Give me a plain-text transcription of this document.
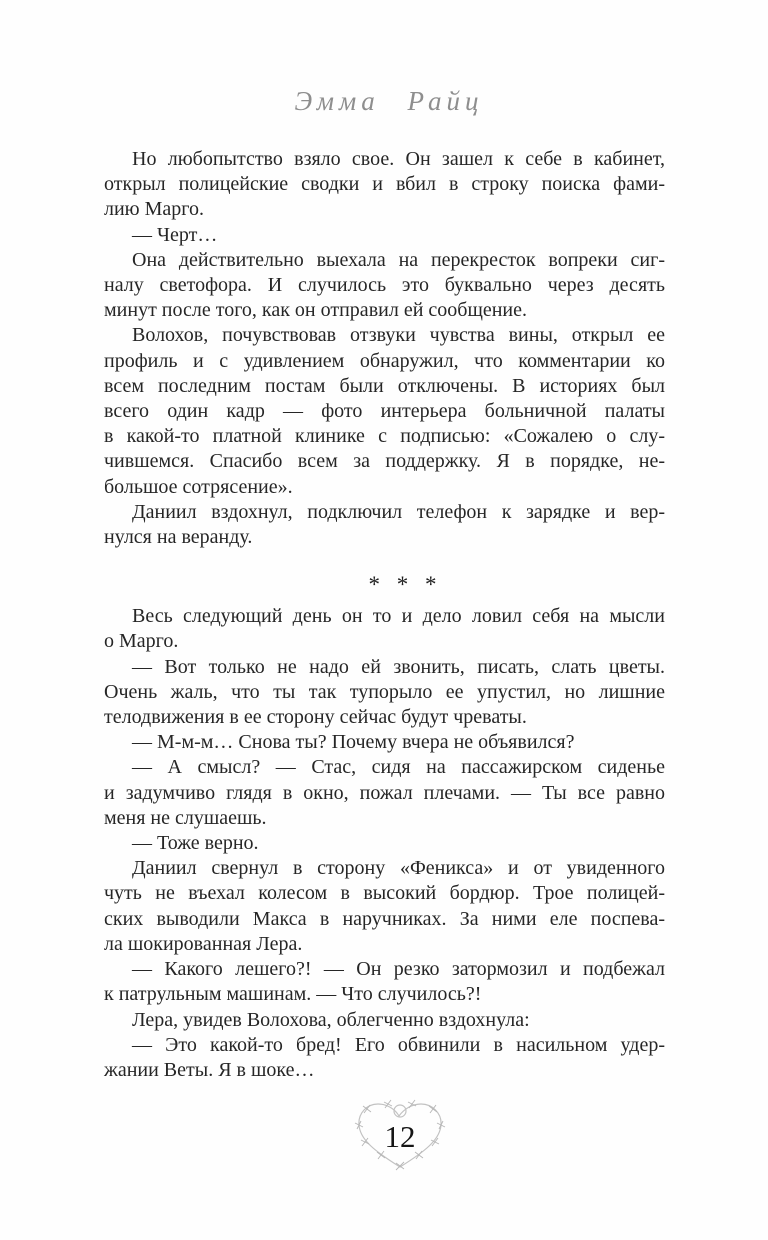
Эмма Райц
Но любопытство взяло свое. Он зашел к себе в кабинет,
открыл полицейские сводки и вбил в строку поиска фами-
лию Марго.
— Черт…
Она действительно выехала на перекресток вопреки сиг-
налу светофора. И случилось это буквально через десять
минут после того, как он отправил ей сообщение.
Волохов, почувствовав отзвуки чувства вины, открыл ее
профиль и с удивлением обнаружил, что комментарии ко
всем последним постам были отключены. В историях был
всего один кадр — фото интерьера больничной палаты
в какой-то платной клинике с подписью: «Сожалею о слу-
чившемся. Спасибо всем за поддержку. Я в порядке, не-
большое сотрясение».
Даниил вздохнул, подключил телефон к зарядке и вер-
нулся на веранду.
* * *
Весь следующий день он то и дело ловил себя на мысли
о Марго.
— Вот только не надо ей звонить, писать, слать цветы.
Очень жаль, что ты так тупорыло ее упустил, но лишние
телодвижения в ее сторону сейчас будут чреваты.
— М-м-м… Снова ты? Почему вчера не объявился?
— А смысл? — Стас, сидя на пассажирском сиденье
и задумчиво глядя в окно, пожал плечами. — Ты все равно
меня не слушаешь.
— Тоже верно.
Даниил свернул в сторону «Феникса» и от увиденного
чуть не въехал колесом в высокий бордюр. Трое полицей-
ских выводили Макса в наручниках. За ними еле поспева-
ла шокированная Лера.
— Какого лешего?! — Он резко затормозил и подбежал
к патрульным машинам. — Что случилось?!
Лера, увидев Волохова, облегченно вздохнула:
— Это какой-то бред! Его обвинили в насильном удер-
жании Веты. Я в шоке…
12
